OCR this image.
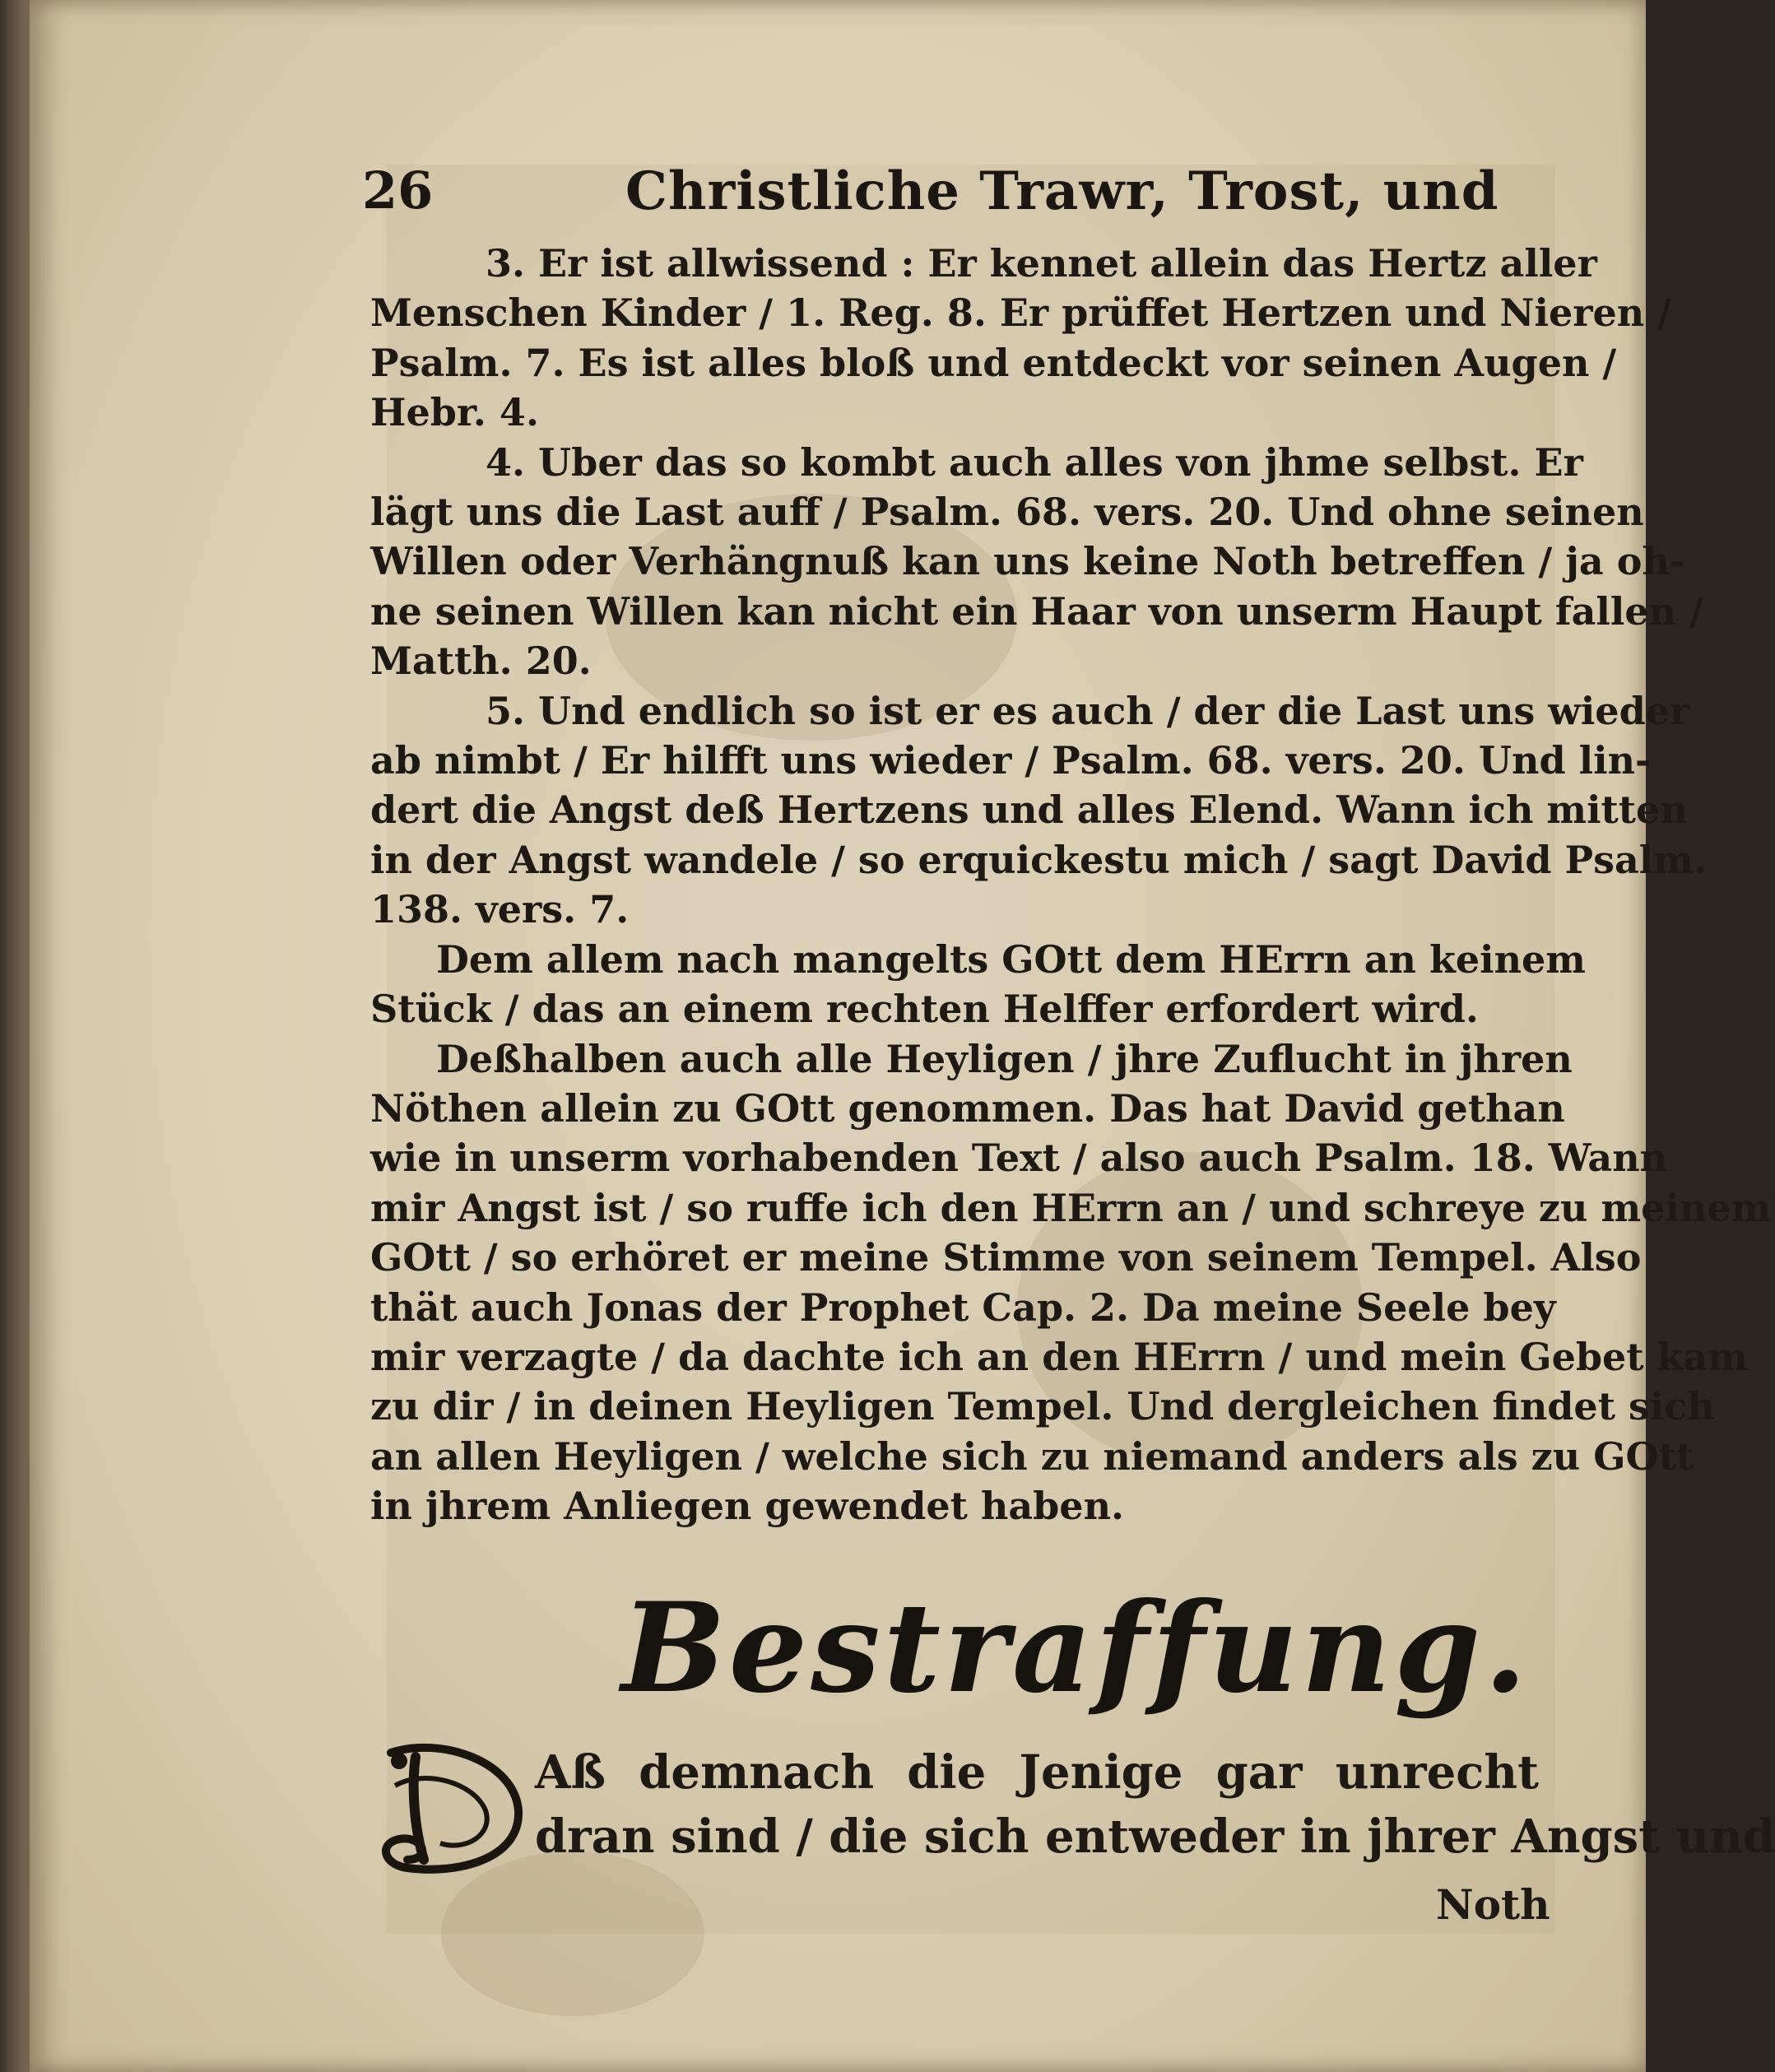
26	Christliche Trawr, Trost, und
3. Er ist allwissend : Er kennet allein das Hertz aller
Menschen Kinder / 1. Reg. 8. Er prüffet Hertzen und Nieren /
Psalm. 7. Es ist alles bloß und entdeckt vor seinen Augen /
Hebr. 4.
4. Uber das so kombt auch alles von jhme selbst. Er
lägt uns die Last auff / Psalm. 68. vers. 20. Und ohne seinen
Willen oder Verhängnuß kan uns keine Noth betreffen / ja oh-
ne seinen Willen kan nicht ein Haar von unserm Haupt fallen /
Matth. 20.
5. Und endlich so ist er es auch / der die Last uns wieder
ab nimbt / Er hilfft uns wieder / Psalm. 68. vers. 20. Und lin-
dert die Angst deß Hertzens und alles Elend. Wann ich mitten
in der Angst wandele / so erquickestu mich / sagt David Psalm.
138. vers. 7.
Dem allem nach mangelts GOtt dem HErrn an keinem
Stück / das an einem rechten Helffer erfordert wird.
Deßhalben auch alle Heyligen / jhre Zuflucht in jhren
Nöthen allein zu GOtt genommen. Das hat David gethan
wie in unserm vorhabenden Text / also auch Psalm. 18. Wann
mir Angst ist / so ruffe ich den HErrn an / und schreye zu meinem
GOtt / so erhöret er meine Stimme von seinem Tempel. Also
thät auch Jonas der Prophet Cap. 2. Da meine Seele bey
mir verzagte / da dachte ich an den HErrn / und mein Gebet kam
zu dir / in deinen Heyligen Tempel. Und dergleichen findet sich
an allen Heyligen / welche sich zu niemand anders als zu GOtt
in jhrem Anliegen gewendet haben.
Bestraffung.
Aß demnach die Jenige gar unrecht
dran sind / die sich entweder in jhrer Angst und
Noth
